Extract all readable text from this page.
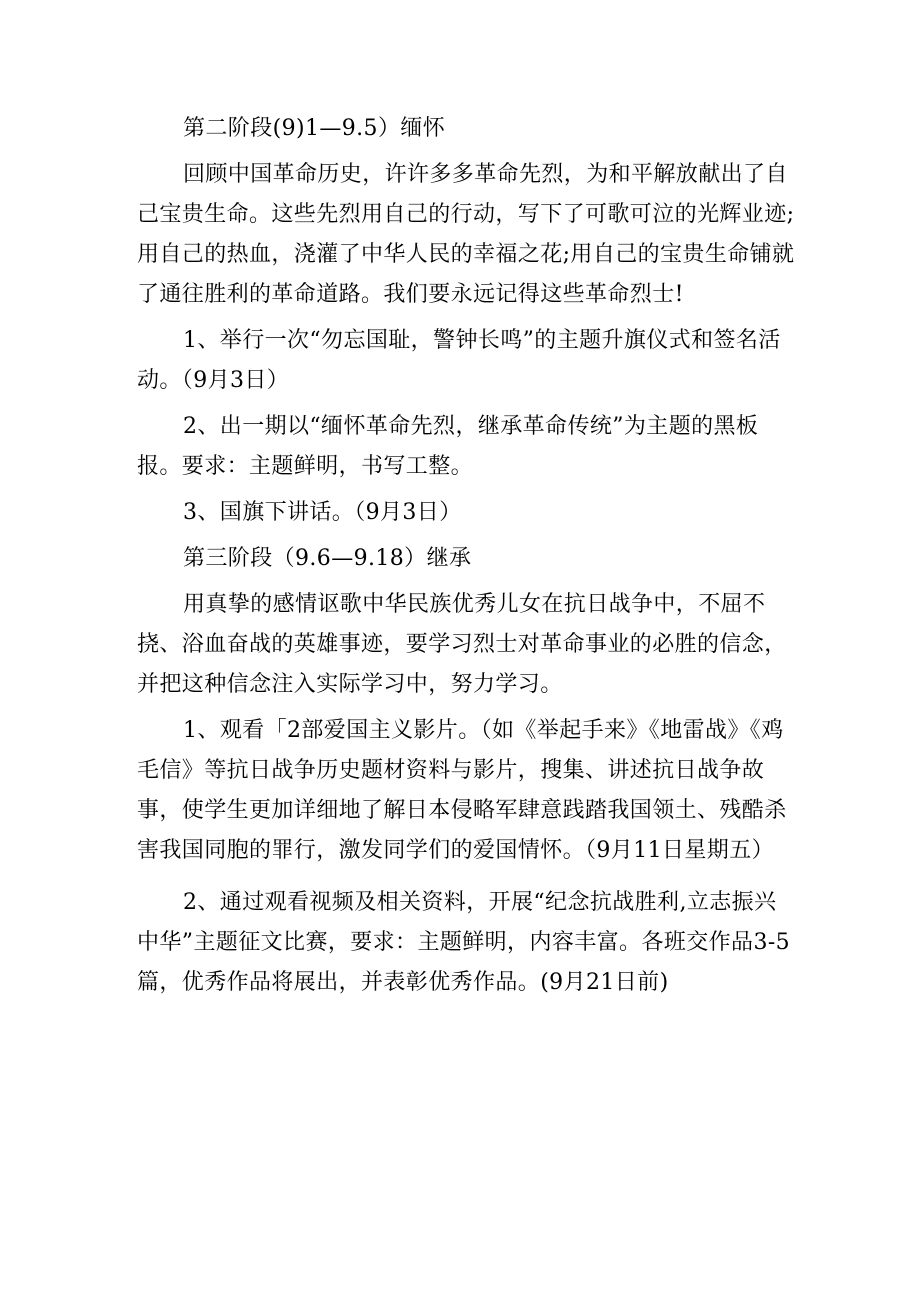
第二阶段(9)1—9.5）缅怀

回顾中国革命历史，许许多多革命先烈，为和平解放献出了自己宝贵生命。这些先烈用自己的行动，写下了可歌可泣的光辉业迹;用自己的热血，浇灌了中华人民的幸福之花;用自己的宝贵生命铺就了通往胜利的革命道路。我们要永远记得这些革命烈士!

1、举行一次“勿忘国耻，警钟长鸣”的主题升旗仪式和签名活动。（9月3日）

2、出一期以“缅怀革命先烈，继承革命传统”为主题的黑板报。要求：主题鲜明，书写工整。

3、国旗下讲话。（9月3日）

第三阶段（9.6—9.18）继承

用真挚的感情讴歌中华民族优秀儿女在抗日战争中，不屈不挠、浴血奋战的英雄事迹，要学习烈士对革命事业的必胜的信念，并把这种信念注入实际学习中，努力学习。

1、观看「2部爱国主义影片。（如《举起手来》《地雷战》《鸡毛信》等抗日战争历史题材资料与影片，搜集、讲述抗日战争故事，使学生更加详细地了解日本侵略军肆意践踏我国领土、残酷杀害我国同胞的罪行，激发同学们的爱国情怀。（9月11日星期五）

2、通过观看视频及相关资料，开展“纪念抗战胜利,立志振兴中华”主题征文比赛，要求：主题鲜明，内容丰富。各班交作品3-5篇，优秀作品将展出，并表彰优秀作品。(9月21日前)
